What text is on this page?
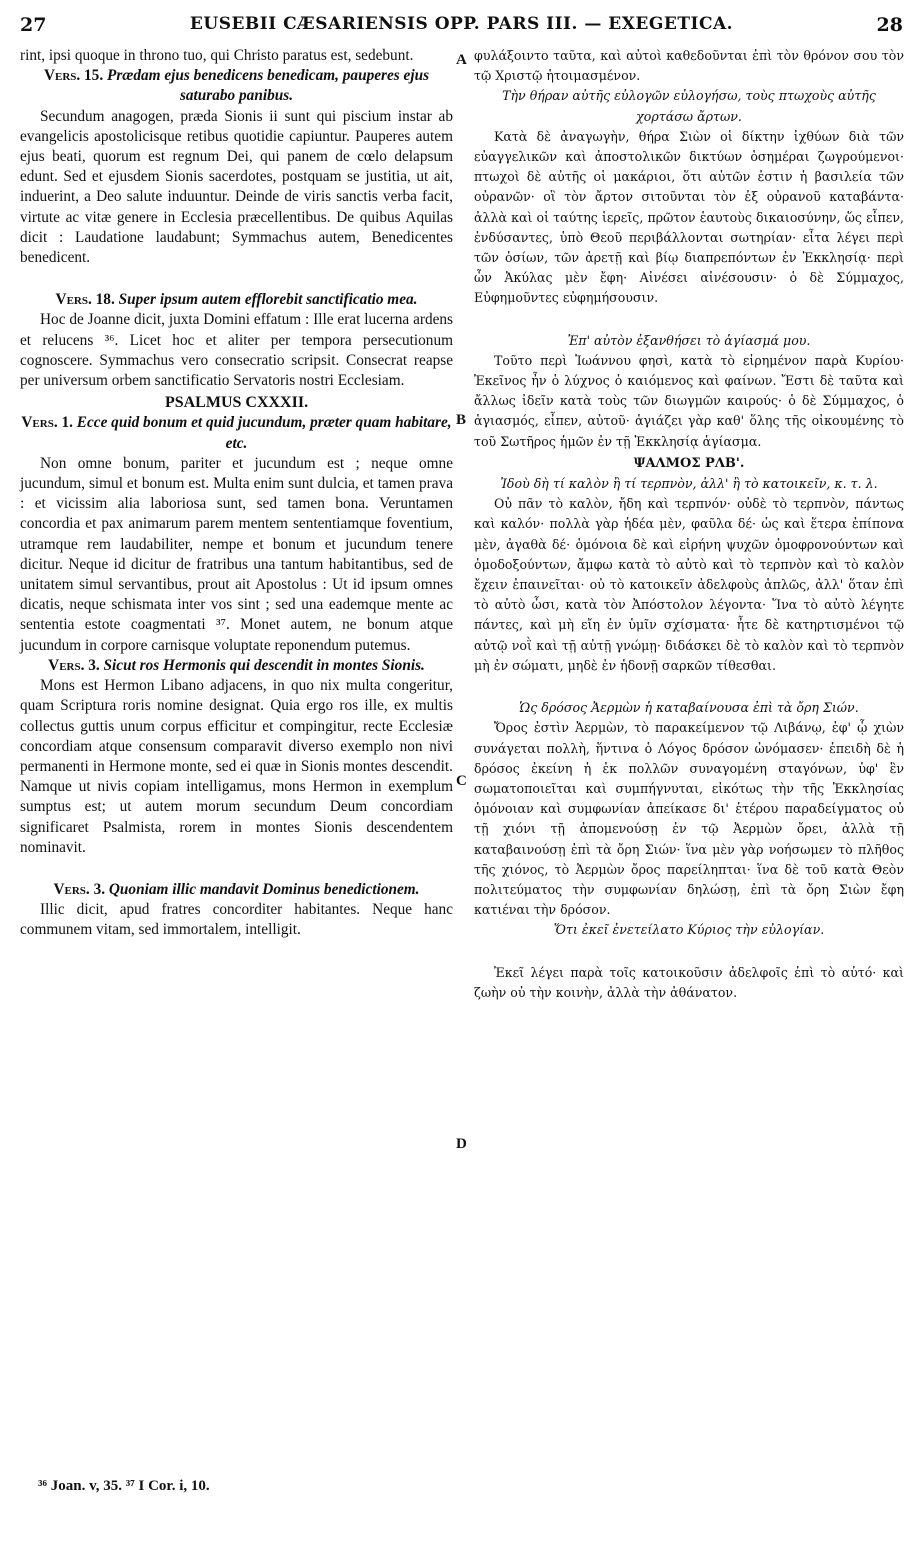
27	EUSEBII CÆSARIENSIS OPP. PARS III. — EXEGETICA.	28
A
B
C
D

rint, ipsi quoque in throno tuo, qui Christo paratus est, sedebunt.

Vers. 15. Prædam ejus benedicens benedicam, pauperes ejus saturabo panibus.

Secundum anagogen, præda Sionis ii sunt qui piscium instar ab evangelicis apostolicisque retibus quotidie capiuntur. Pauperes autem ejus beati, quorum est regnum Dei, qui panem de cœlo delapsum edunt. Sed et ejusdem Sionis sacerdotes, postquam se justitia, ut ait, induerint, a Deo salute induuntur. Deinde de viris sanctis verba facit, virtute ac vitæ genere in Ecclesia præcellentibus. De quibus Aquilas dicit : Laudatione laudabunt; Symmachus autem, Benedicentes benedicent.

Vers. 18. Super ipsum autem efflorebit sanctificatio mea.

Hoc de Joanne dicit, juxta Domini effatum : Ille erat lucerna ardens et relucens ³⁶. Licet hoc et aliter per tempora persecutionum cognoscere. Symmachus vero consecratio scripsit. Consecrat reapse per universum orbem sanctificatio Servatoris nostri Ecclesiam.

PSALMUS CXXXII.

Vers. 1. Ecce quid bonum et quid jucundum, præter quam habitare, etc.

Non omne bonum, pariter et jucundum est ; neque omne jucundum, simul et bonum est. Multa enim sunt dulcia, et tamen prava : et vicissim alia laboriosa sunt, sed tamen bona. Veruntamen concordia et pax animarum parem mentem sententiamque foventium, utramque rem laudabiliter, nempe et bonum et jucundum tenere dicitur. Neque id dicitur de fratribus una tantum habitantibus, sed de unitatem simul servantibus, prout ait Apostolus : Ut id ipsum omnes dicatis, neque schismata inter vos sint ; sed una eademque mente ac sententia estote coagmentati ³⁷. Monet autem, ne bonum atque jucundum in corpore carnisque voluptate reponendum putemus.

Vers. 3. Sicut ros Hermonis qui descendit in montes Sionis.

Mons est Hermon Libano adjacens, in quo nix multa congeritur, quam Scriptura roris nomine designat. Quia ergo ros ille, ex multis collectus guttis unum corpus efficitur et compingitur, recte Ecclesiæ concordiam atque consensum comparavit diverso exemplo non nivi permanenti in Hermone monte, sed ei quæ in Sionis montes descendit. Namque ut nivis copiam intelligamus, mons Hermon in exemplum sumptus est; ut autem morum secundum Deum concordiam significaret Psalmista, rorem in montes Sionis descendentem nominavit.

Vers. 3. Quoniam illic mandavit Dominus benedictionem.

Illic dicit, apud fratres concorditer habitantes. Neque hanc communem vitam, sed immortalem, intelligit.

φυλάξοιντο ταῦτα, καὶ αὐτοὶ καθεδοῦνται ἐπὶ τὸν θρόνον σου τὸν τῷ Χριστῷ ἡτοιμασμένον.

Τὴν θήραν αὐτῆς εὐλογῶν εὐλογήσω, τοὺς πτωχοὺς αὐτῆς χορτάσω ἄρτων.

Κατὰ δὲ ἀναγωγὴν, θήρα Σιὼν οἱ δίκτην ἰχθύων διὰ τῶν εὐαγγελικῶν καὶ ἀποστολικῶν δικτύων ὁσημέραι ζωγρούμενοι· πτωχοὶ δὲ αὐτῆς οἱ μακάριοι, ὅτι αὐτῶν ἐστιν ἡ βασιλεία τῶν οὐρανῶν· οἳ τὸν ἄρτον σιτοῦνται τὸν ἐξ οὐρανοῦ καταβάντα· ἀλλὰ καὶ οἱ ταύτης ἱερεῖς, πρῶτον ἑαυτοὺς δικαιοσύνην, ὥς εἶπεν, ἐνδύσαντες, ὑπὸ Θεοῦ περιβάλλονται σωτηρίαν· εἶτα λέγει περὶ τῶν ὁσίων, τῶν ἀρετῇ καὶ βίῳ διαπρεπόντων ἐν Ἐκκλησίᾳ· περὶ ὧν Ἀκύλας μὲν ἔφη· Αἰνέσει αἰνέσουσιν· ὁ δὲ Σύμμαχος, Εὐφημοῦντες εὐφημήσουσιν.

Ἐπ' αὐτὸν ἐξανθήσει τὸ ἁγίασμά μου.

Τοῦτο περὶ Ἰωάννου φησὶ, κατὰ τὸ εἰρημένον παρὰ Κυρίου· Ἐκεῖνος ἦν ὁ λύχνος ὁ καιόμενος καὶ φαίνων. Ἔστι δὲ ταῦτα καὶ ἄλλως ἰδεῖν κατὰ τοὺς τῶν διωγμῶν καιρούς· ὁ δὲ Σύμμαχος, ὁ ἁγιασμός, εἶπεν, αὐτοῦ· ἁγιάζει γὰρ καθ' ὅλης τῆς οἰκουμένης τὸ τοῦ Σωτῆρος ἡμῶν ἐν τῇ Ἐκκλησίᾳ ἁγίασμα.

ΨΑΛΜΟΣ ΡΛΒ'.

Ἰδοὺ δὴ τί καλὸν ἢ τί τερπνὸν, ἀλλ' ἢ τὸ κατοικεῖν, κ. τ. λ.

Οὐ πᾶν τὸ καλὸν, ἤδη καὶ τερπνόν· οὐδὲ τὸ τερπνὸν, πάντως καὶ καλόν· πολλὰ γὰρ ἡδέα μὲν, φαῦλα δέ· ὡς καὶ ἕτερα ἐπίπονα μὲν, ἀγαθὰ δέ· ὁμόνοια δὲ καὶ εἰρήνη ψυχῶν ὁμοφρονούντων καὶ ὁμοδοξούντων, ἄμφω κατὰ τὸ αὐτὸ καὶ τὸ τερπνὸν καὶ τὸ καλὸν ἔχειν ἐπαινεῖται· οὐ τὸ κατοικεῖν ἀδελφοὺς ἁπλῶς, ἀλλ' ὅταν ἐπὶ τὸ αὐτὸ ὦσι, κατὰ τὸν Ἀπόστολον λέγοντα· Ἵνα τὸ αὐτὸ λέγητε πάντες, καὶ μὴ εἴη ἐν ὑμῖν σχίσματα· ἦτε δὲ κατηρτισμένοι τῷ αὐτῷ νοῒ καὶ τῇ αὐτῇ γνώμῃ· διδάσκει δὲ τὸ καλὸν καὶ τὸ τερπνὸν μὴ ἐν σώματι, μηδὲ ἐν ἡδονῇ σαρκῶν τίθεσθαι.

Ὡς δρόσος Ἀερμὼν ἡ καταβαίνουσα ἐπὶ τὰ ὄρη Σιών.

Ὄρος ἐστὶν Ἀερμὼν, τὸ παρακείμενον τῷ Λιβάνῳ, ἐφ' ᾧ χιὼν συνάγεται πολλὴ, ἥντινα ὁ Λόγος δρόσον ὠνόμασεν· ἐπειδὴ δὲ ἡ δρόσος ἐκείνη ἡ ἐκ πολλῶν συναγομένη σταγόνων, ὑφ' ἓν σωματοποιεῖται καὶ συμπήγνυται, εἰκότως τὴν τῆς Ἐκκλησίας ὁμόνοιαν καὶ συμφωνίαν ἀπείκασε δι' ἑτέρου παραδείγματος οὐ τῇ χιόνι τῇ ἀπομενούσῃ ἐν τῷ Ἀερμὼν ὄρει, ἀλλὰ τῇ καταβαινούσῃ ἐπὶ τὰ ὄρη Σιών· ἵνα μὲν γὰρ νοήσωμεν τὸ πλῆθος τῆς χιόνος, τὸ Ἀερμὼν ὄρος παρείληπται· ἵνα δὲ τοῦ κατὰ Θεὸν πολιτεύματος τὴν συμφωνίαν δηλώσῃ, ἐπὶ τὰ ὄρη Σιὼν ἔφη κατιέναι τὴν δρόσον.

Ὅτι ἐκεῖ ἐνετείλατο Κύριος τὴν εὐλογίαν.

Ἐκεῖ λέγει παρὰ τοῖς κατοικοῦσιν ἀδελφοῖς ἐπὶ τὸ αὐτό· καὶ ζωὴν οὐ τὴν κοινὴν, ἀλλὰ τὴν ἀθάνατον.

³⁶ Joan. v, 35. ³⁷ I Cor. i, 10.
